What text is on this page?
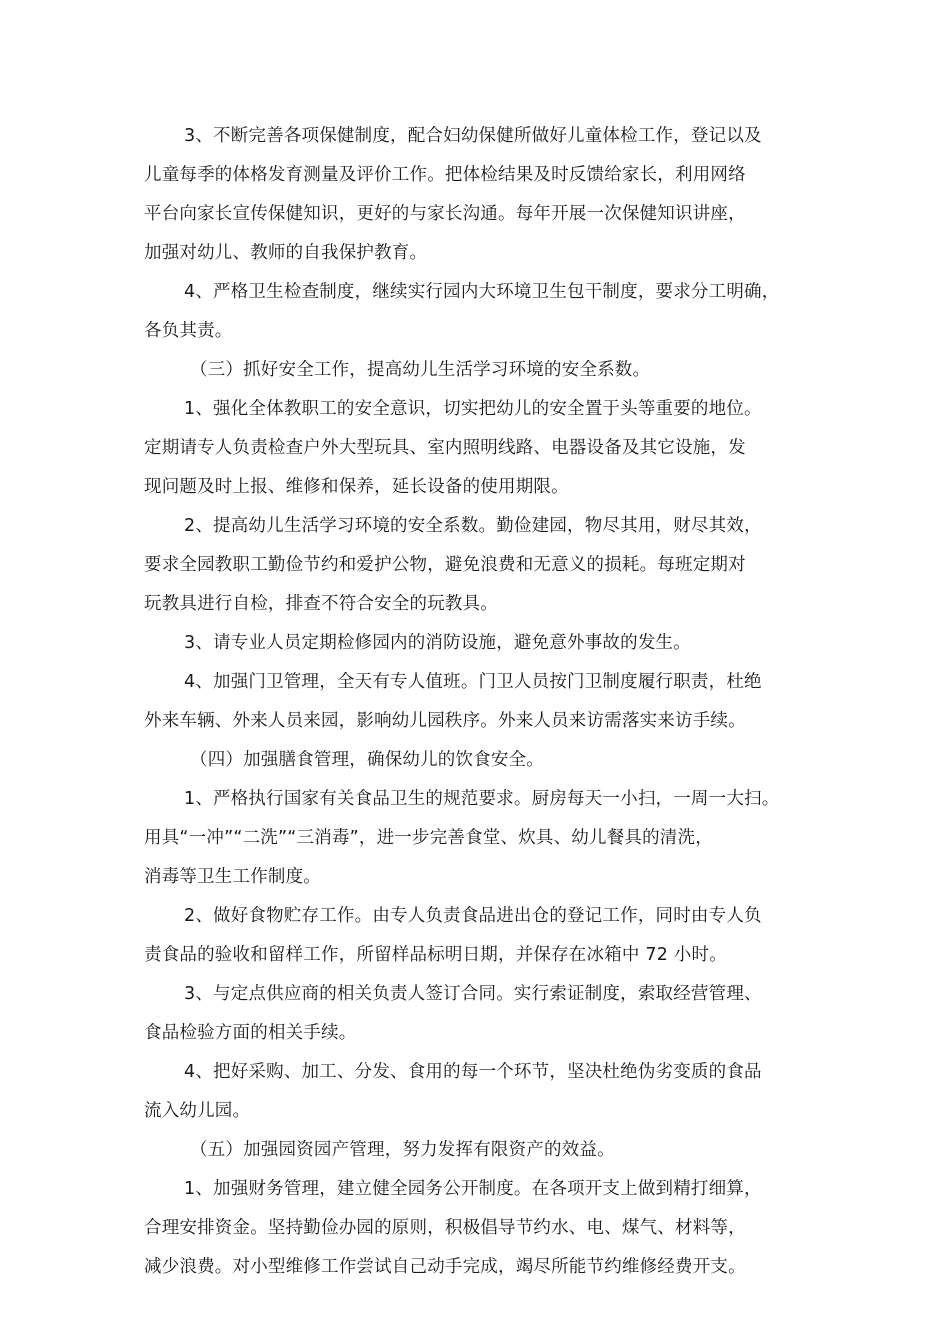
3、不断完善各项保健制度，配合妇幼保健所做好儿童体检工作，登记以及
儿童每季的体格发育测量及评价工作。把体检结果及时反馈给家长，利用网络
平台向家长宣传保健知识，更好的与家长沟通。每年开展一次保健知识讲座，
加强对幼儿、教师的自我保护教育。
4、严格卫生检查制度，继续实行园内大环境卫生包干制度，要求分工明确，
各负其责。
（三）抓好安全工作，提高幼儿生活学习环境的安全系数。
1、强化全体教职工的安全意识，切实把幼儿的安全置于头等重要的地位。
定期请专人负责检查户外大型玩具、室内照明线路、电器设备及其它设施，发
现问题及时上报、维修和保养，延长设备的使用期限。
2、提高幼儿生活学习环境的安全系数。勤俭建园，物尽其用，财尽其效，
要求全园教职工勤俭节约和爱护公物，避免浪费和无意义的损耗。每班定期对
玩教具进行自检，排查不符合安全的玩教具。
3、请专业人员定期检修园内的消防设施，避免意外事故的发生。
4、加强门卫管理，全天有专人值班。门卫人员按门卫制度履行职责，杜绝
外来车辆、外来人员来园，影响幼儿园秩序。外来人员来访需落实来访手续。
（四）加强膳食管理，确保幼儿的饮食安全。
1、严格执行国家有关食品卫生的规范要求。厨房每天一小扫，一周一大扫。
用具“一冲”“二洗”“三消毒”，进一步完善食堂、炊具、幼儿餐具的清洗，
消毒等卫生工作制度。
2、做好食物贮存工作。由专人负责食品进出仓的登记工作，同时由专人负
责食品的验收和留样工作，所留样品标明日期，并保存在冰箱中 72 小时。
3、与定点供应商的相关负责人签订合同。实行索证制度，索取经营管理、
食品检验方面的相关手续。
4、把好采购、加工、分发、食用的每一个环节，坚决杜绝伪劣变质的食品
流入幼儿园。
（五）加强园资园产管理，努力发挥有限资产的效益。
1、加强财务管理，建立健全园务公开制度。在各项开支上做到精打细算，
合理安排资金。坚持勤俭办园的原则，积极倡导节约水、电、煤气、材料等，
减少浪费。对小型维修工作尝试自己动手完成，竭尽所能节约维修经费开支。
